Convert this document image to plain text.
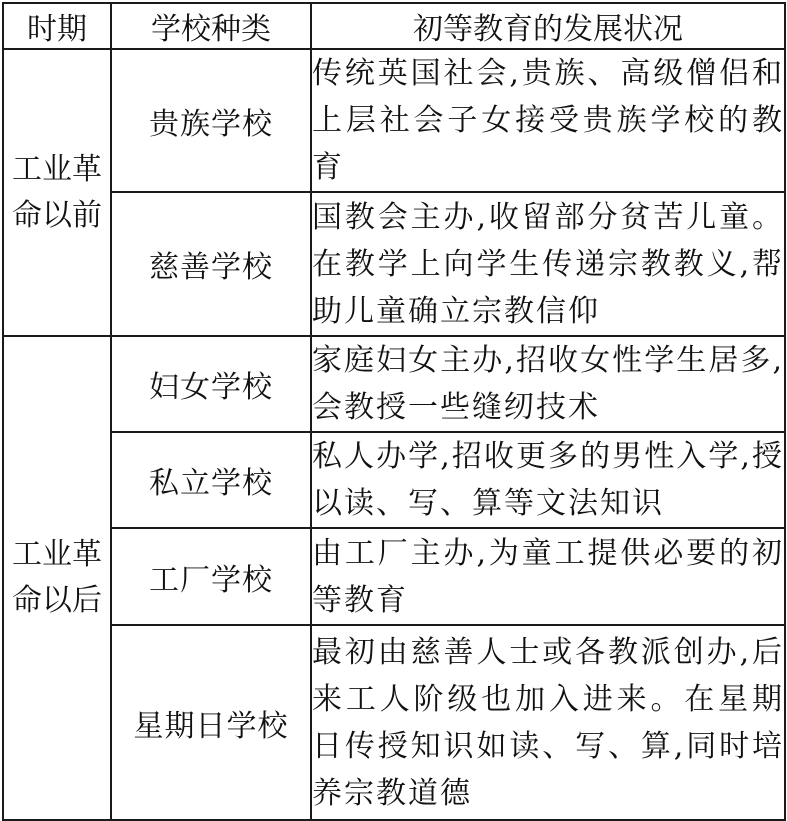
时期	学校种类	初等教育的发展状况
工业革命以前	贵族学校	传统英国社会,贵族、高级僧侣和上层社会子女接受贵族学校的教育
	慈善学校	国教会主办,收留部分贫苦儿童。在教学上向学生传递宗教教义,帮助儿童确立宗教信仰
工业革命以后	妇女学校	家庭妇女主办,招收女性学生居多,会教授一些缝纫技术
	私立学校	私人办学,招收更多的男性入学,授以读、写、算等文法知识
	工厂学校	由工厂主办,为童工提供必要的初等教育
	星期日学校	最初由慈善人士或各教派创办,后来工人阶级也加入进来。在星期日传授知识如读、写、算,同时培养宗教道德
